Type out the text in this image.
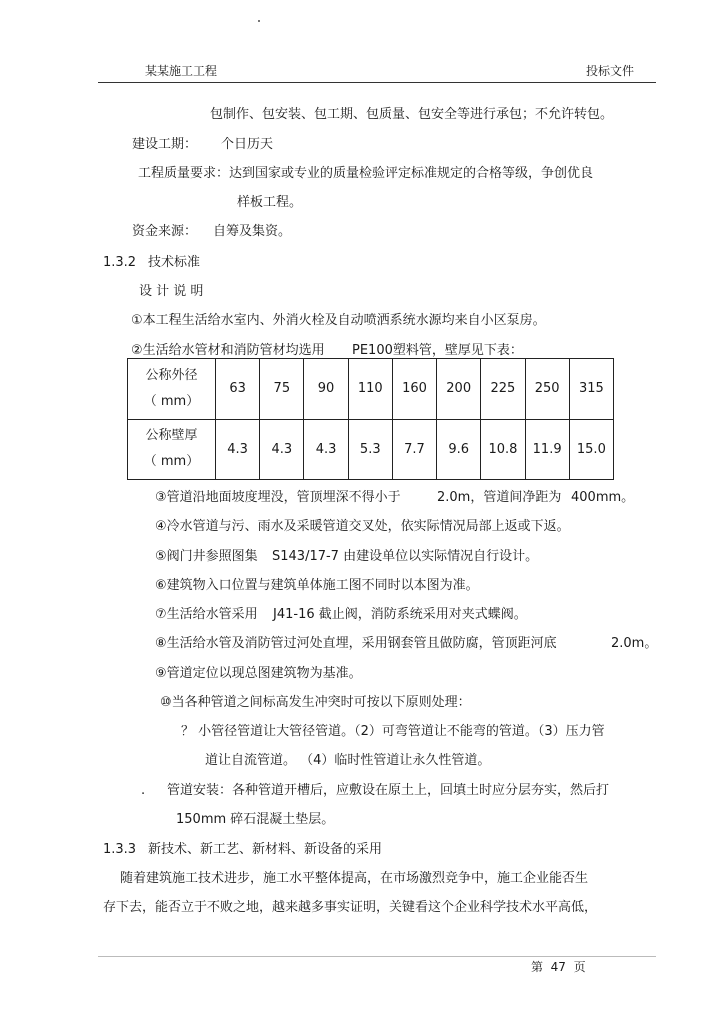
某某施工工程	投标文件
包制作、包安装、包工期、包质量、包安全等进行承包；不允许转包。
建设工期： 个日历天
工程质量要求：达到国家或专业的质量检验评定标准规定的合格等级，争创优良
样板工程。
资金来源： 自筹及集资。
1.3.2 技术标准
设 计 说 明
①本工程生活给水室内、外消火栓及自动喷洒系统水源均来自小区泵房。
②生活给水管材和消防管材均选用 PE100塑料管，壁厚见下表：
公称外径
（ mm）	63	75	90	110	160	200	225	250	315

公称壁厚
（ mm）	4.3	4.3	4.3	5.3	7.7	9.6	10.8	11.9	15.0
③管道沿地面坡度埋没，管顶埋深不得小于	2.0m，管道间净距为 400mm。
④冷水管道与污、雨水及采暖管道交叉处，依实际情况局部上返或下返。
⑤阀门井参照图集 S143/17-7 由建设单位以实际情况自行设计。
⑥建筑物入口位置与建筑单体施工图不同时以本图为准。
⑦生活给水管采用 J41-16 截止阀，消防系统采用对夹式蝶阀。
⑧生活给水管及消防管过河处直埋，采用钢套管且做防腐，管顶距河底	2.0m。
⑨管道定位以现总图建筑物为基准。
⑩当各种管道之间标高发生冲突时可按以下原则处理：
？ 小管径管道让大管径管道。（2）可弯管道让不能弯的管道。（3）压力管
道让自流管道。 （4）临时性管道让永久性管道。
. 管道安装：各种管道开槽后，应敷设在原土上，回填土时应分层夯实，然后打
150mm 碎石混凝土垫层。
1.3.3 新技术、新工艺、新材料、新设备的采用
随着建筑施工技术进步，施工水平整体提高，在市场激烈竞争中，施工企业能否生
存下去，能否立于不败之地，越来越多事实证明，关键看这个企业科学技术水平高低，
第 47 页
